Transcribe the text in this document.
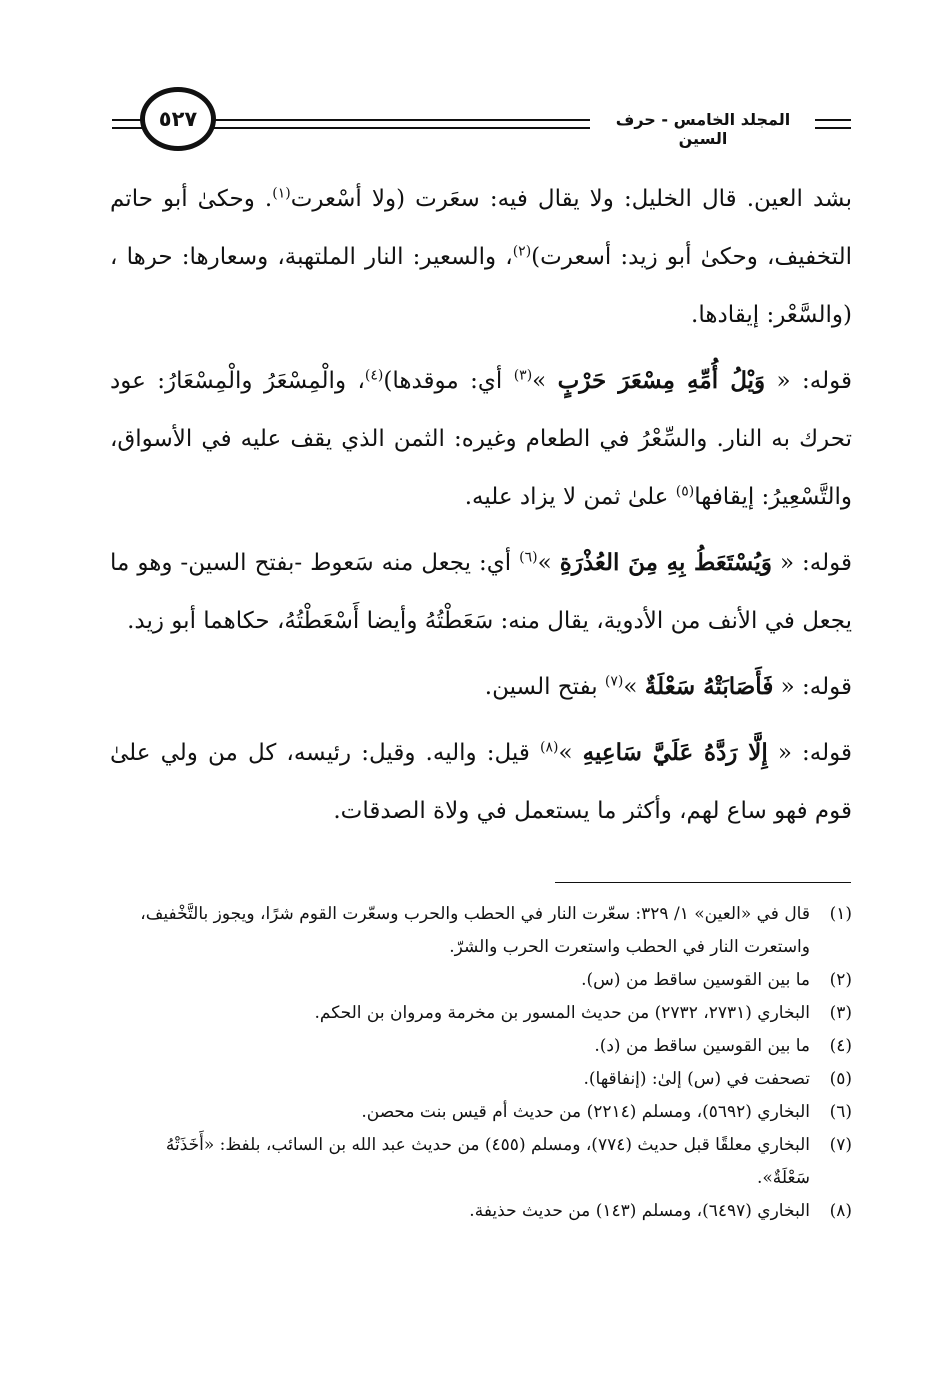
٥٢٧	المجلد الخامس - حرف السين

بشد العين. قال الخليل: ولا يقال فيه: سعَرت (ولا أسْعرت$^{(١)}$. وحكىٰ أبو حاتم التخفيف، وحكىٰ أبو زيد: أسعرت)$^{(٢)}$، والسعير: النار الملتهبة، وسعارها: حرها ، (والسَّعْر: إيقادها.

قوله: « وَيْلُ أُمِّهِ مِسْعَرَ حَرْبٍ »$^{(٣)}$ أي: موقدها)$^{(٤)}$، والْمِسْعَرُ والْمِسْعَارُ: عود تحرك به النار. والسِّعْرُ في الطعام وغيره: الثمن الذي يقف عليه في الأسواق، والتَّسْعِيرُ: إيقافها$^{(٥)}$ علىٰ ثمن لا يزاد عليه.

قوله: « وَيُسْتَعَطُ بِهِ مِنَ العُذْرَةِ »$^{(٦)}$ أي: يجعل منه سَعوط -بفتح السين- وهو ما يجعل في الأنف من الأدوية، يقال منه: سَعَطْتُهُ وأيضا أَسْعَطْتُهُ، حكاهما أبو زيد.

قوله: « فَأَصَابَتْهُ سَعْلَةٌ »$^{(٧)}$ بفتح السين.

قوله: « إِلَّا رَدَّهُ عَلَيَّ سَاعِيهِ »$^{(٨)}$ قيل: واليه. وقيل: رئيسه، كل من ولي علىٰ قوم فهو ساع لهم، وأكثر ما يستعمل في ولاة الصدقات.

(١)
قال في «العين» ١/ ٣٢٩: سعّرت النار في الحطب والحرب وسعّرت القوم شرًا، ويجوز بالتَّخْفيف، واستعرت النار في الحطب واستعرت الحرب والشرّ.
(٢)
ما بين القوسين ساقط من (س).
(٣)
البخاري (٢٧٣١، ٢٧٣٢) من حديث المسور بن مخرمة ومروان بن الحكم.
(٤)
ما بين القوسين ساقط من (د).
(٥)
تصحفت في (س) إلىٰ: (إنفاقها).
(٦)
البخاري (٥٦٩٢)، ومسلم (٢٢١٤) من حديث أم قيس بنت محصن.
(٧)
البخاري معلقًا قبل حديث (٧٧٤)، ومسلم (٤٥٥) من حديث عبد الله بن السائب، بلفظ: «أَخَذَتْهُ سَعْلَةٌ».
(٨)
البخاري (٦٤٩٧)، ومسلم (١٤٣) من حديث حذيفة.
